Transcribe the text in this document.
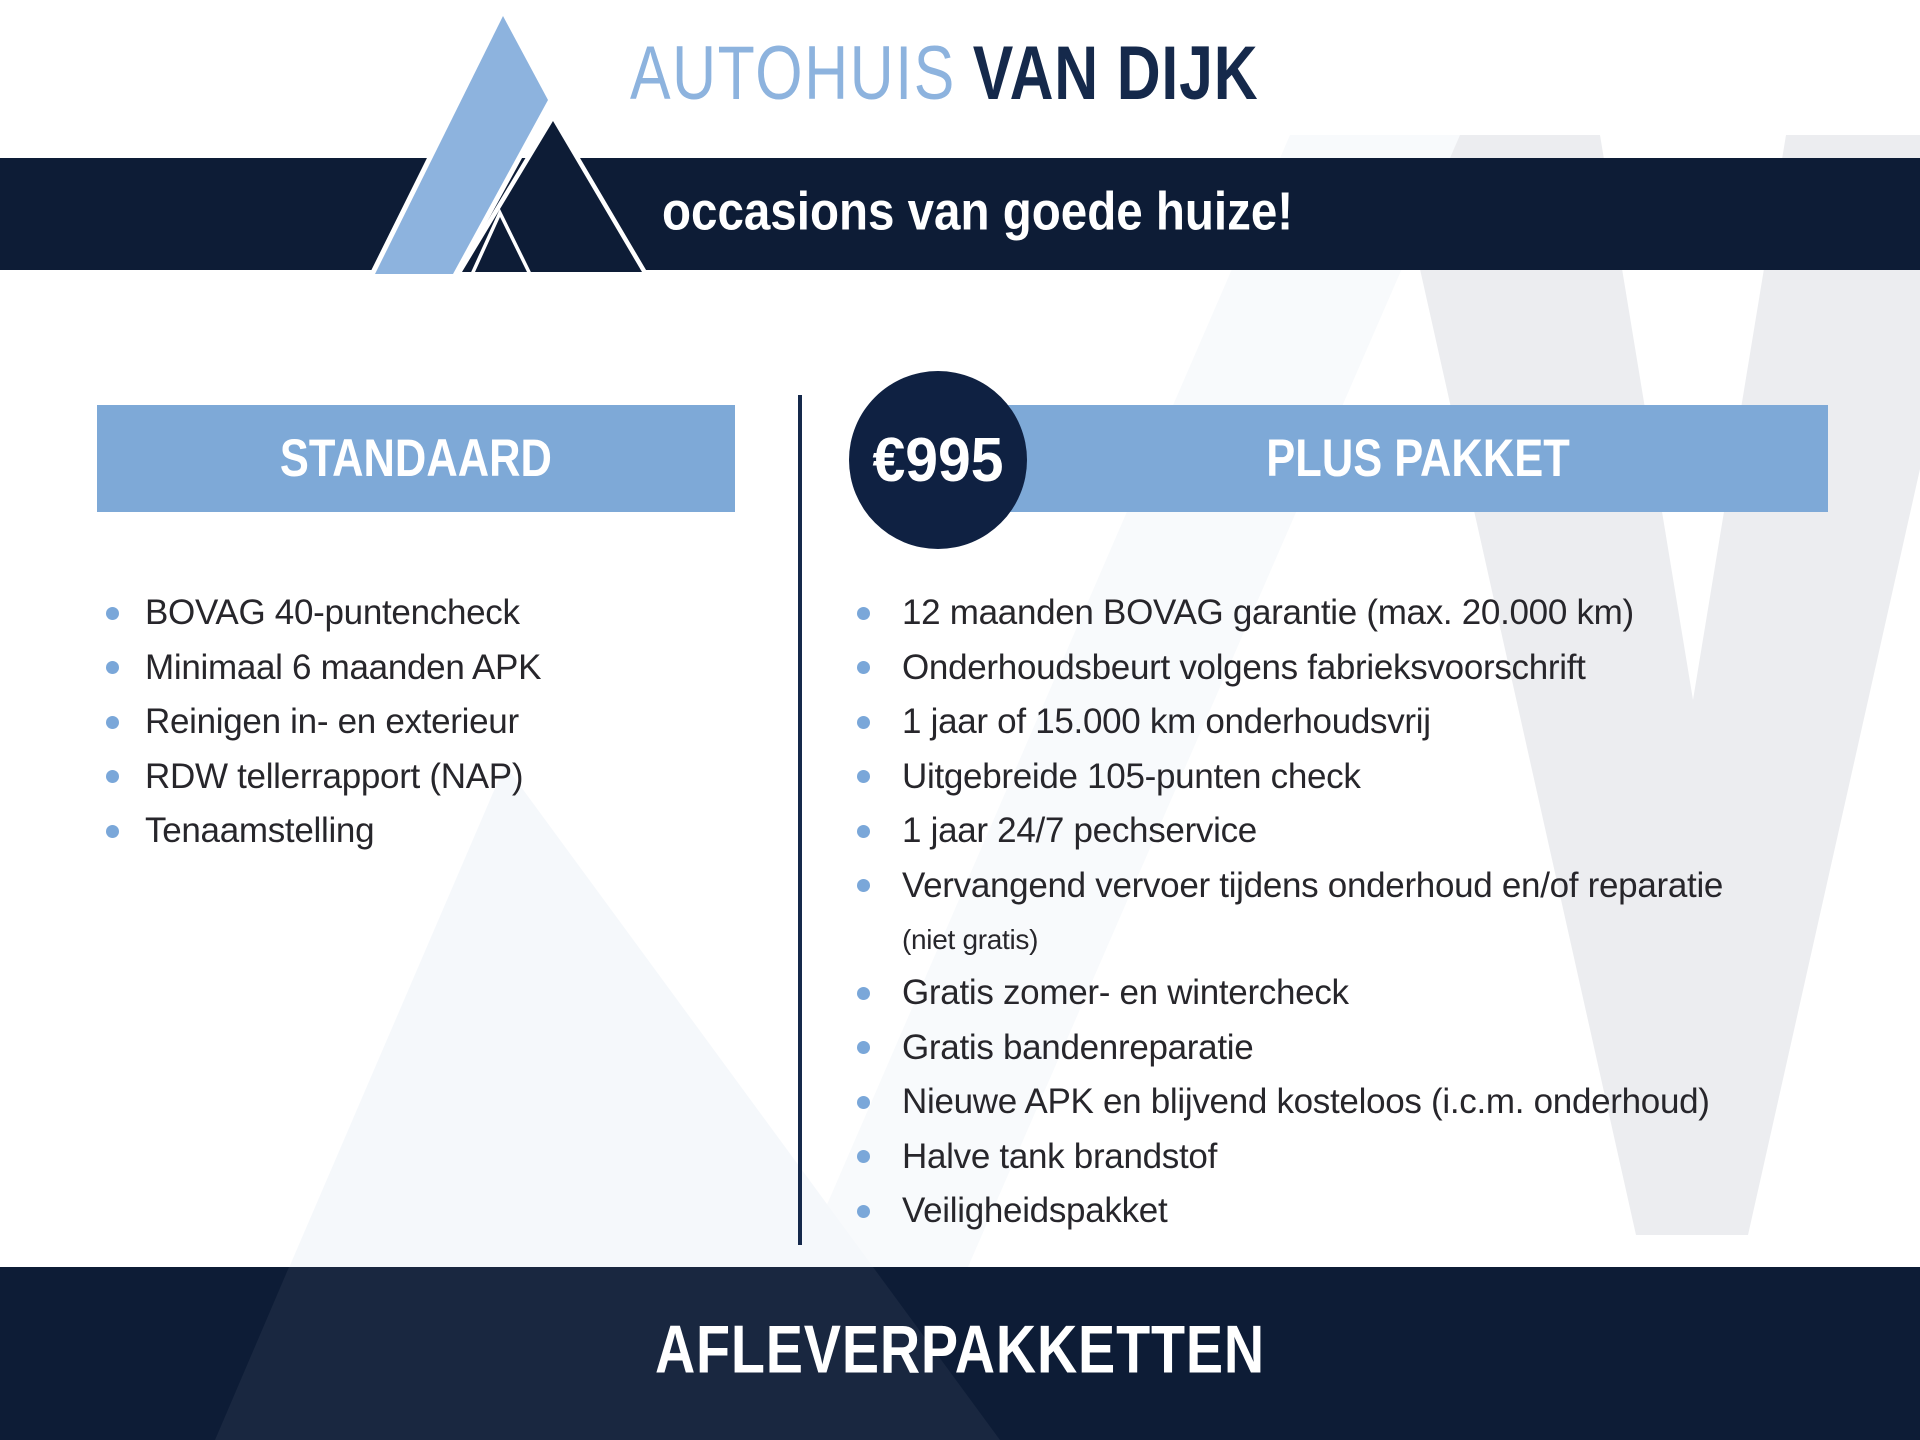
occasions van goede huize!
AUTOHUIS VAN DIJK
STANDAARD	PLUS PAKKET
€995
BOVAG 40-puntencheck
Minimaal 6 maanden APK
Reinigen in- en exterieur
RDW tellerrapport (NAP)
Tenaamstelling
12 maanden BOVAG garantie (max. 20.000 km)
Onderhoudsbeurt volgens fabrieksvoorschrift
1 jaar of 15.000 km onderhoudsvrij
Uitgebreide 105-punten check
1 jaar 24/7 pechservice
Vervangend vervoer tijdens onderhoud en/of reparatie
(niet gratis)
Gratis zomer- en wintercheck
Gratis bandenreparatie
Nieuwe APK en blijvend kosteloos (i.c.m. onderhoud)
Halve tank brandstof
Veiligheidspakket
AFLEVERPAKKETTEN
